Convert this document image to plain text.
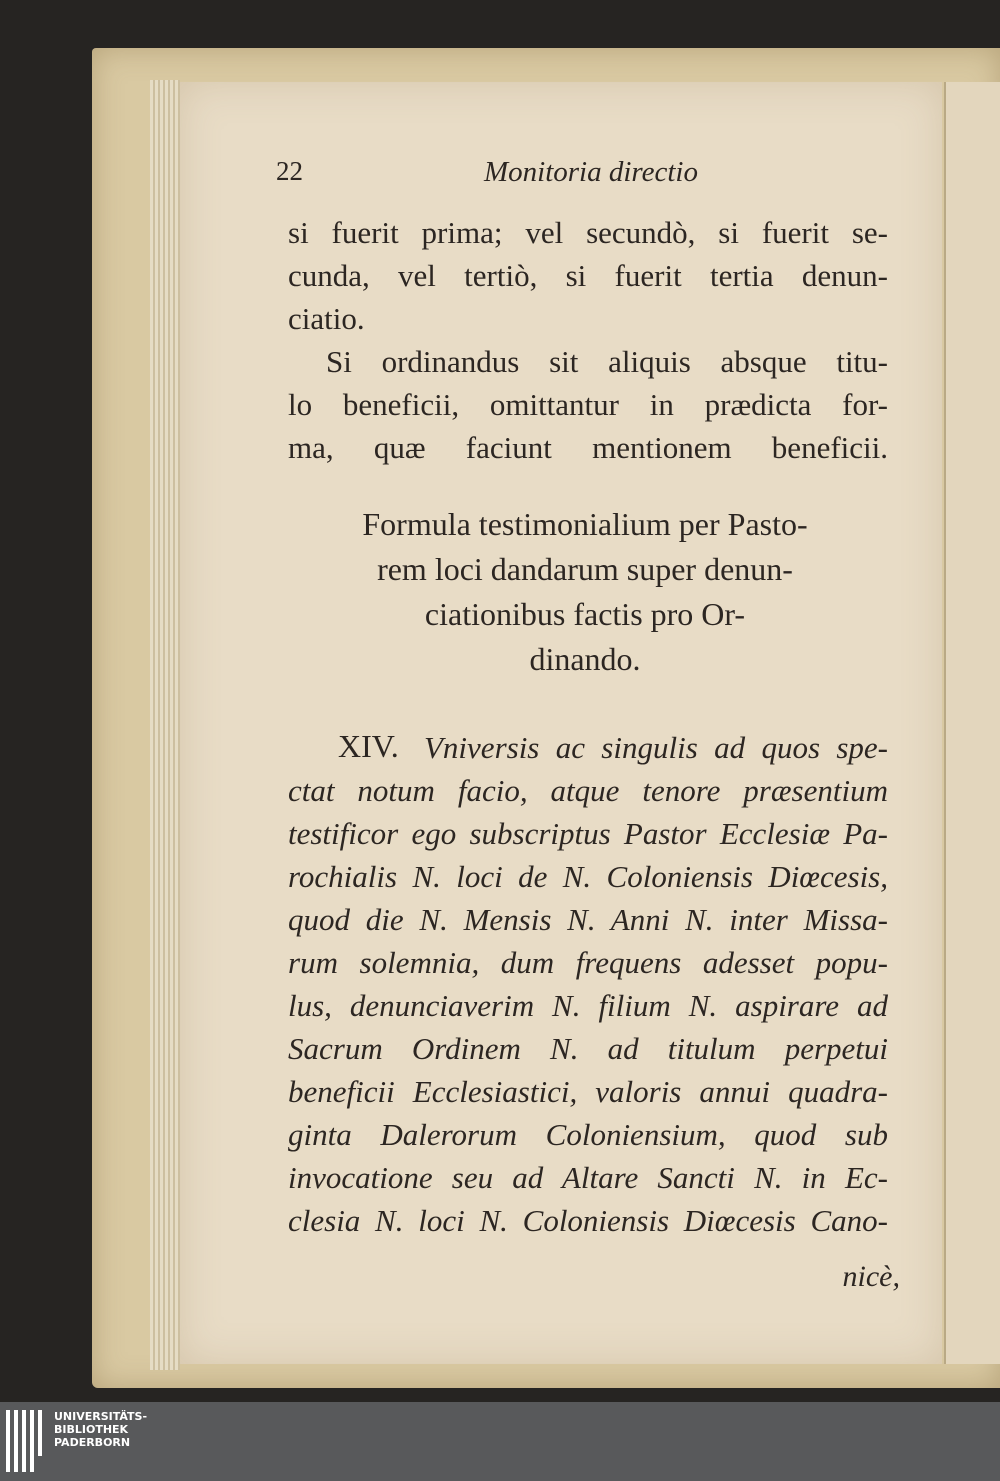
22	Monitoria directio
si fuerit prima; vel secundò, si fuerit se-
cunda, vel tertiò, si fuerit tertia denun-
ciatio.
Si ordinandus sit aliquis absque titu-
lo beneficii, omittantur in prædicta for-
ma, quæ faciunt mentionem beneficii.
Formula testimonialium per Pasto-
rem loci dandarum super denun-
ciationibus factis pro Or-
dinando.
XIV. Vniversis ac singulis ad quos spe-
ctat notum facio, atque tenore præsentium
testificor ego subscriptus Pastor Ecclesiæ Pa-
rochialis N. loci de N. Coloniensis Diœcesis,
quod die N. Mensis N. Anni N. inter Missa-
rum solemnia, dum frequens adesset popu-
lus, denunciaverim N. filium N. aspirare ad
Sacrum Ordinem N. ad titulum perpetui
beneficii Ecclesiastici, valoris annui quadra-
ginta Dalerorum Coloniensium, quod sub
invocatione seu ad Altare Sancti N. in Ec-
clesia N. loci N. Coloniensis Diœcesis Cano-
nicè,
UNIVERSITÄTS-
BIBLIOTHEK
PADERBORN
